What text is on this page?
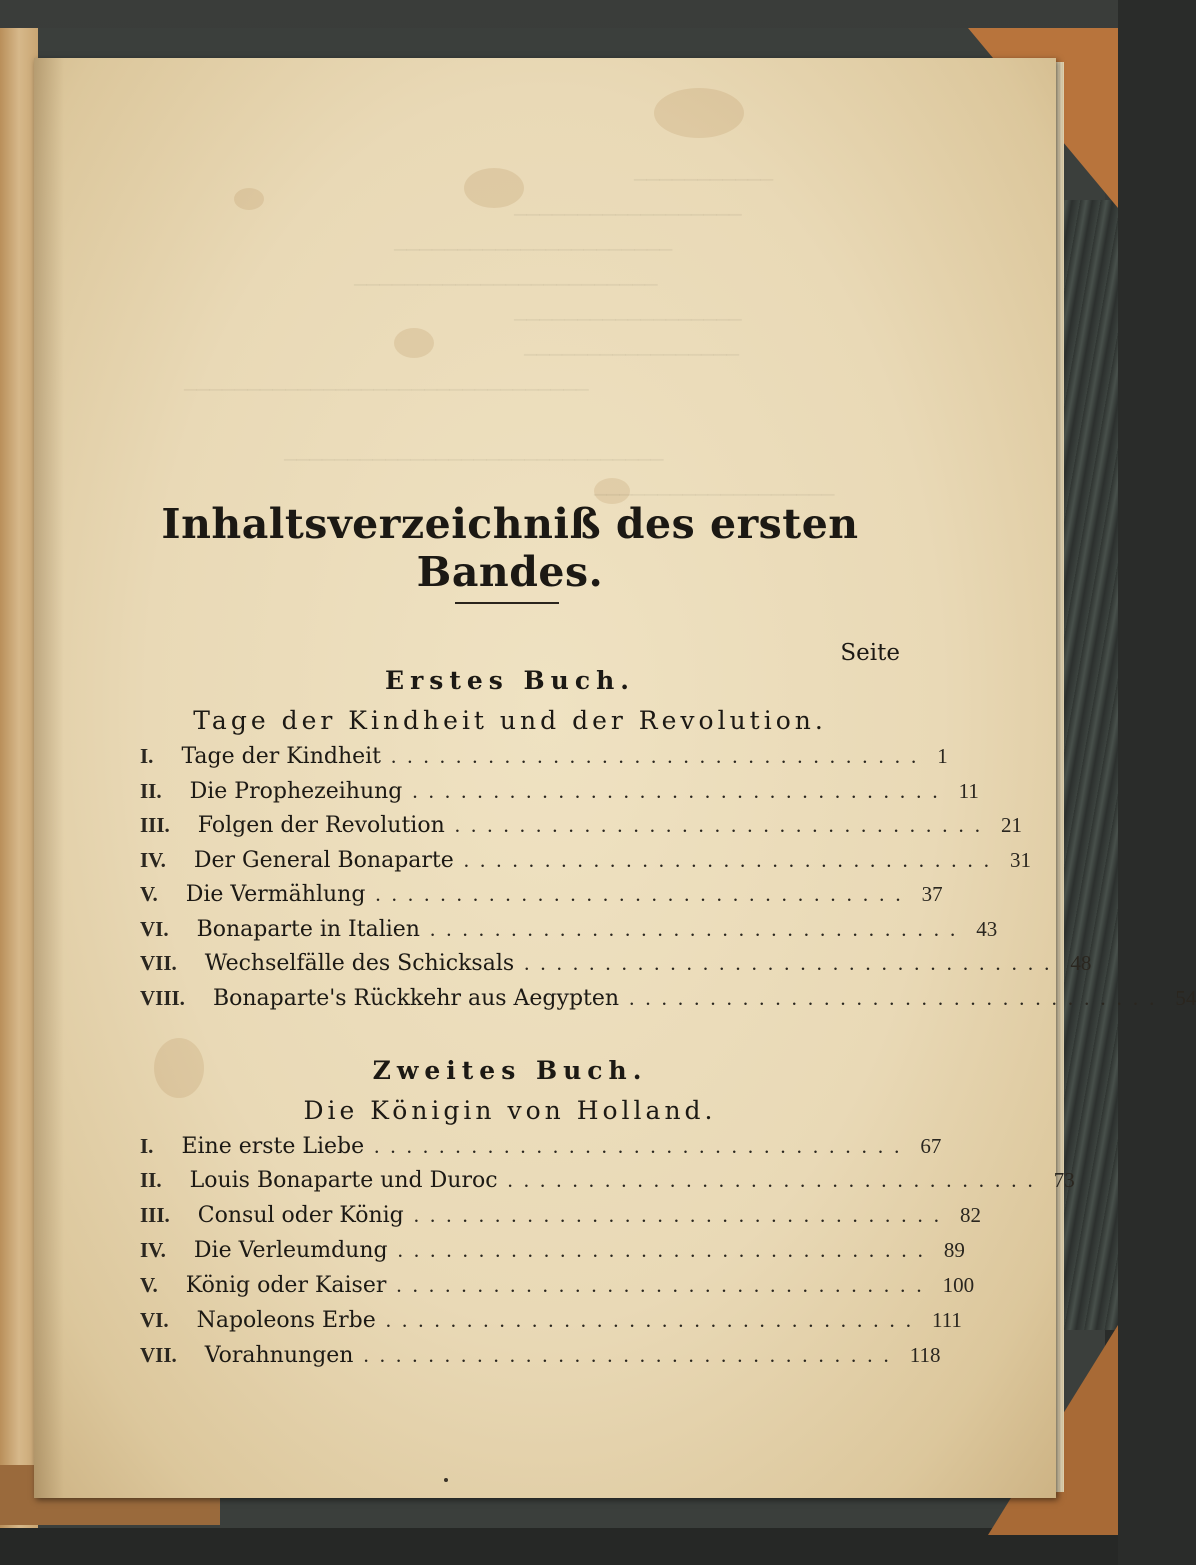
───────────
──────────────────
──────────────────────
────────────────────────
──────────────────
─────────────────
────────────────────────────────
──────────────────────────────
───────────────────
Inhaltsverzeichniß des ersten Bandes.
Seite
Erstes Buch.
Tage der Kindheit und der Revolution.
I. Tage der Kindheit ................................. 1
II. Die Prophezeihung ................................. 11
III. Folgen der Revolution ................................. 21
IV. Der General Bonaparte ................................. 31
V. Die Vermählung ................................. 37
VI. Bonaparte in Italien ................................. 43
VII. Wechselfälle des Schicksals ................................. 48
VIII. Bonaparte's Rückkehr aus Aegypten ................................. 54
Zweites Buch.
Die Königin von Holland.
I. Eine erste Liebe ................................. 67
II. Louis Bonaparte und Duroc ................................. 73
III. Consul oder König ................................. 82
IV. Die Verleumdung ................................. 89
V. König oder Kaiser ................................. 100
VI. Napoleons Erbe ................................. 111
VII. Vorahnungen ................................. 118
